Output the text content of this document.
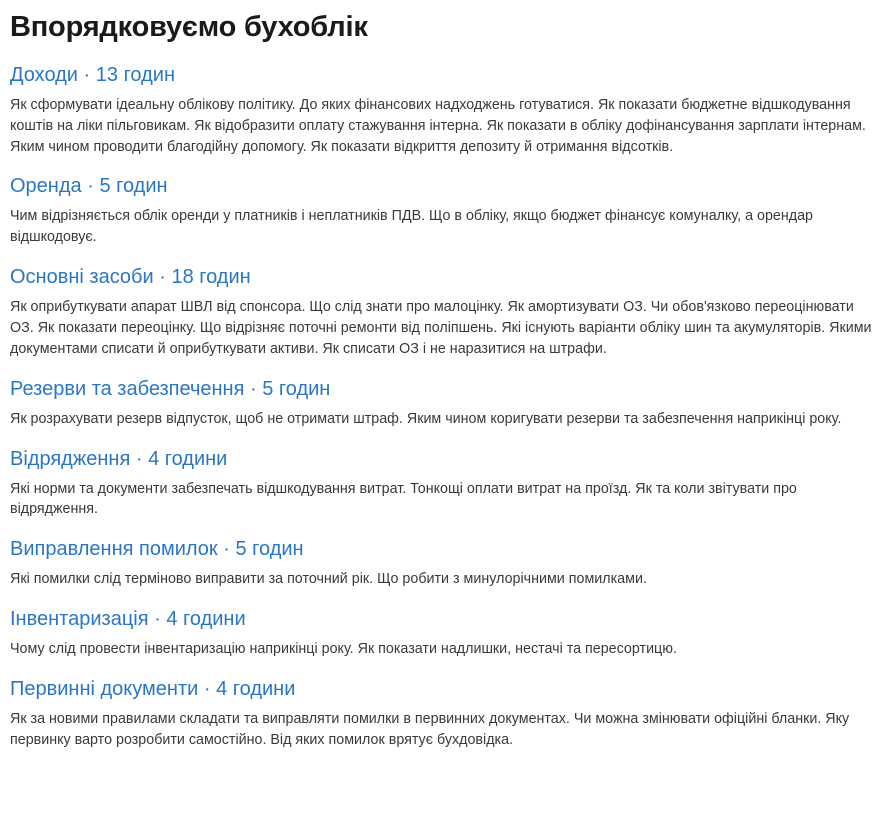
Впорядковуємо бухоблік
Доходи · 13 годин

Як сформувати ідеальну облікову політику. До яких фінансових надходжень готуватися. Як показати бюджетне відшкодування коштів на ліки пільговикам. Як відобразити оплату стажування інтерна. Як показати в обліку дофінансування зарплати інтернам. Яким чином проводити благодійну допомогу. Як показати відкриття депозиту й отримання відсотків.

Оренда · 5 годин

Чим відрізняється облік оренди у платників і неплатників ПДВ. Що в обліку, якщо бюджет фінансує комуналку, а орендар відшкодовує.

Основні засоби · 18 годин

Як оприбуткувати апарат ШВЛ від спонсора. Що слід знати про малоцінку. Як амортизувати ОЗ. Чи обов'язково переоцінювати ОЗ. Як показати переоцінку. Що відрізняє поточні ремонти від поліпшень. Які існують варіанти обліку шин та акумуляторів. Якими документами списати й оприбуткувати активи. Як списати ОЗ і не наразитися на штрафи.

Резерви та забезпечення · 5 годин

Як розрахувати резерв відпусток, щоб не отримати штраф. Яким чином коригувати резерви та забезпечення наприкінці року.

Відрядження · 4 години

Які норми та документи забезпечать відшкодування витрат. Тонкощі оплати витрат на проїзд. Як та коли звітувати про відрядження.

Виправлення помилок · 5 годин

Які помилки слід терміново виправити за поточний рік. Що робити з минулорічними помилками.

Інвентаризація · 4 години

Чому слід провести інвентаризацію наприкінці року. Як показати надлишки, нестачі та пересортицю.

Первинні документи · 4 години

Як за новими правилами складати та виправляти помилки в первинних документах. Чи можна змінювати офіційні бланки. Яку первинку варто розробити самостійно. Від яких помилок врятує бухдовідка.
